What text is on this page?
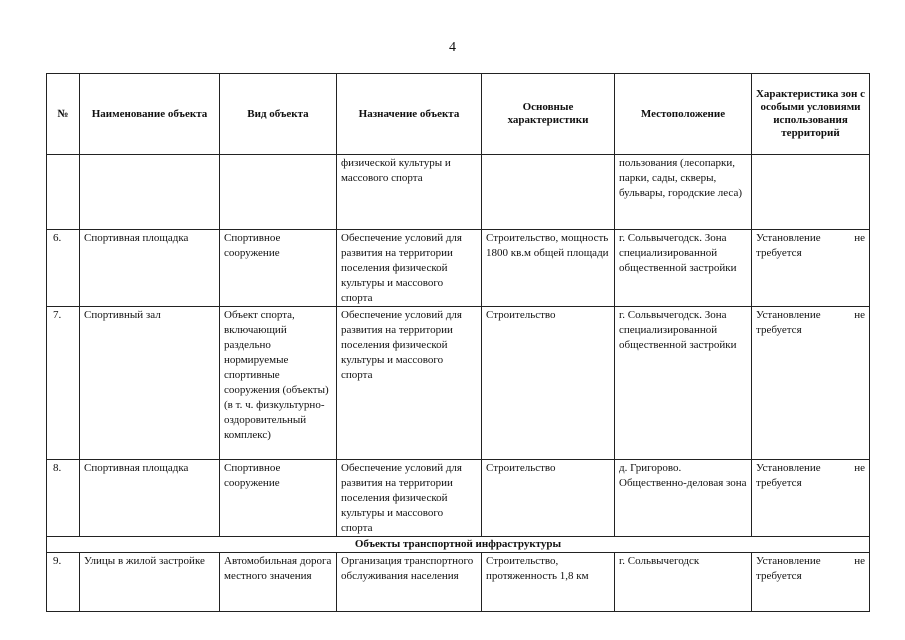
4
№	Наименование объекта	Вид объекта	Назначение объекта	Основные характеристики	Местоположение	Характеристика зон с особыми условиями использования территорий
			физической культуры и массового спорта		пользования (лесопарки, парки, сады, скверы, бульвары, городские леса)	
6.	Спортивная площадка	Спортивное сооружение	Обеспечение условий для развития на территории поселения физической культуры и массового спорта	Строительство, мощность 1800 кв.м общей площади	г. Сольвычегодск. Зона специализированной общественной застройки	Установление не требуется
7.	Спортивный зал	Объект спорта, включающий раздельно нормируемые спортивные сооружения (объекты) (в т. ч. физкультурно-оздоровительный комплекс)	Обеспечение условий для развития на территории поселения физической культуры и массового спорта	Строительство	г. Сольвычегодск. Зона специализированной общественной застройки	Установление не требуется
8.	Спортивная площадка	Спортивное сооружение	Обеспечение условий для развития на территории поселения физической культуры и массового спорта	Строительство	д. Григорово. Общественно-деловая зона	Установление не требуется
Объекты транспортной инфраструктуры						
9.	Улицы в жилой застройке	Автомобильная дорога местного значения	Организация транспортного обслуживания населения	Строительство, протяженность 1,8 км	г. Сольвычегодск	Установление не требуется
